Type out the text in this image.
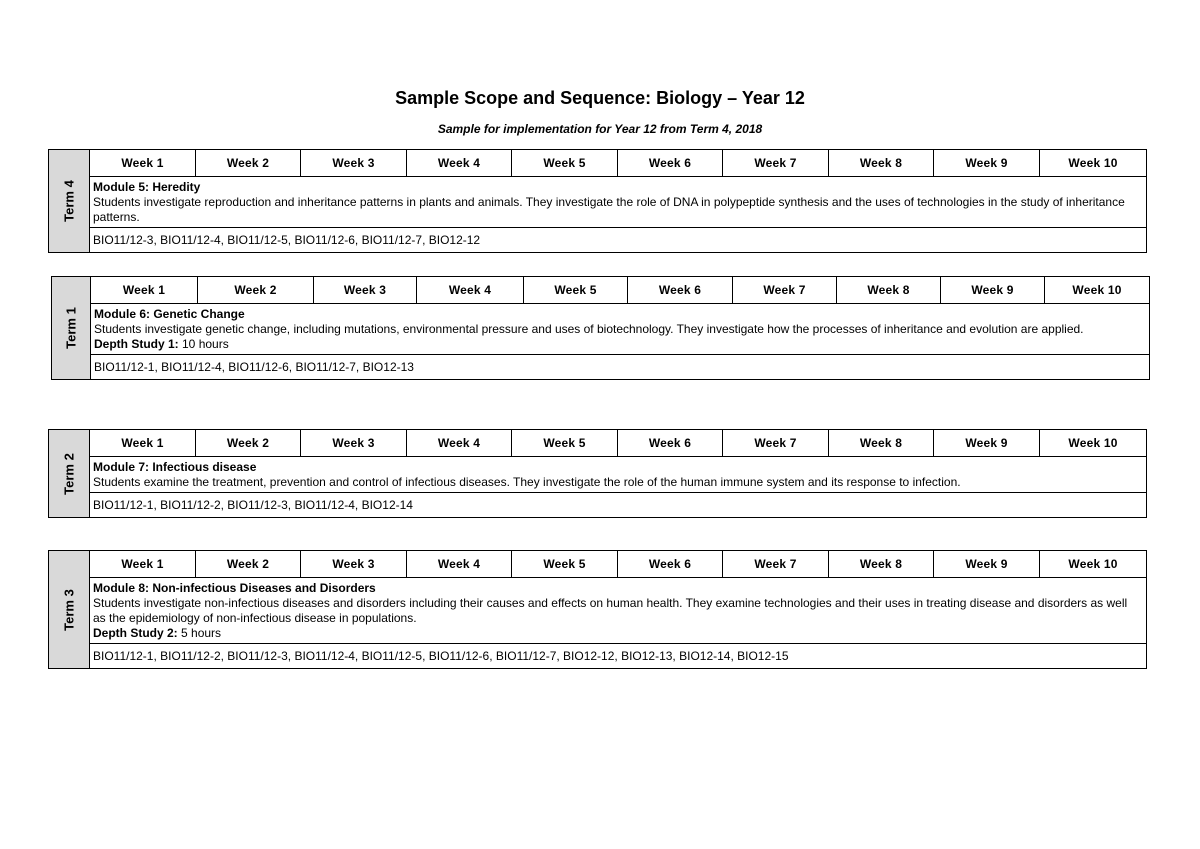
Sample Scope and Sequence: Biology – Year 12
Sample for implementation for Year 12 from Term 4, 2018
Term 4
	Week 1	Week 2	Week 3	Week 4	Week 5	Week 6	Week 7	Week 8	Week 9	Week 10

Module 5: Heredity
Students investigate reproduction and inheritance patterns in plants and animals. They investigate the role of DNA in polypeptide synthesis and the uses of technologies in the study of inheritance patterns.

BIO11/12-3, BIO11/12-4, BIO11/12-5, BIO11/12-6, BIO11/12-7, BIO12-12
Term 1
	Week 1	Week 2	Week 3	Week 4	Week 5	Week 6	Week 7	Week 8	Week 9	Week 10

Module 6: Genetic Change
Students investigate genetic change, including mutations, environmental pressure and uses of biotechnology. They investigate how the processes of inheritance and evolution are applied.
Depth Study 1: 10 hours

BIO11/12-1, BIO11/12-4, BIO11/12-6, BIO11/12-7, BIO12-13
Term 2
	Week 1	Week 2	Week 3	Week 4	Week 5	Week 6	Week 7	Week 8	Week 9	Week 10

Module 7: Infectious disease
Students examine the treatment, prevention and control of infectious diseases. They investigate the role of the human immune system and its response to infection.

BIO11/12-1, BIO11/12-2, BIO11/12-3, BIO11/12-4, BIO12-14
Term 3
	Week 1	Week 2	Week 3	Week 4	Week 5	Week 6	Week 7	Week 8	Week 9	Week 10

Module 8: Non-infectious Diseases and Disorders
Students investigate non-infectious diseases and disorders including their causes and effects on human health. They examine technologies and their uses in treating disease and disorders as well as the epidemiology of non-infectious disease in populations.
Depth Study 2: 5 hours

BIO11/12-1, BIO11/12-2, BIO11/12-3, BIO11/12-4, BIO11/12-5, BIO11/12-6, BIO11/12-7, BIO12-12, BIO12-13, BIO12-14, BIO12-15
